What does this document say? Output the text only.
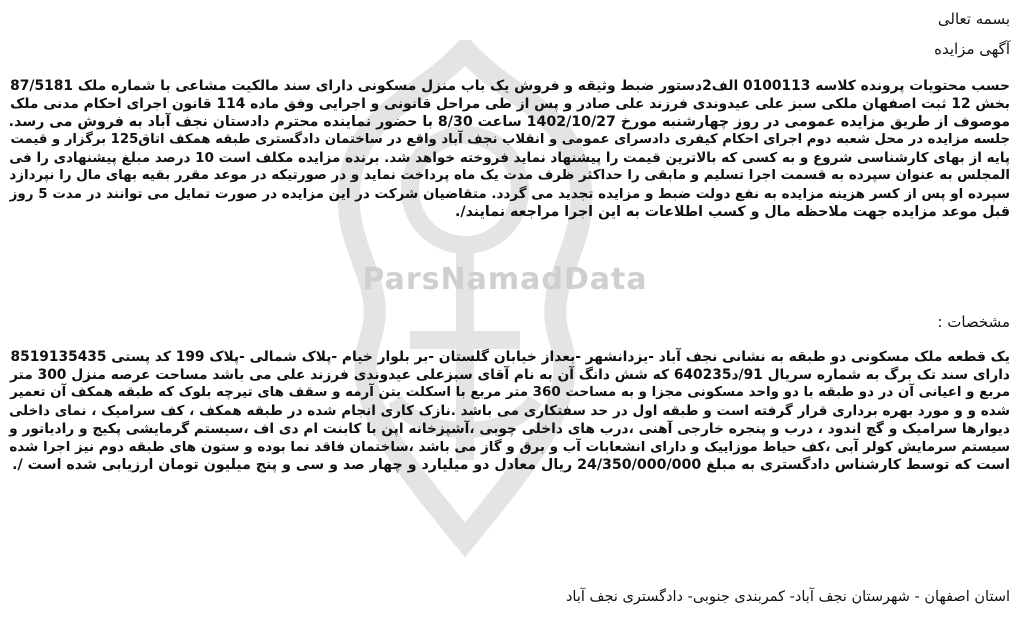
ParsNamadData
بسمه تعالی
آگهی مزایده
حسب محتویات پرونده کلاسه 0100113 الف2دستور ضبط وثیقه و فروش یک باب منزل مسکونی دارای سند مالکیت مشاعی با شماره ملک 87/5181
بخش 12 ثبت اصفهان ملکی سبز علی عیدوندی فرزند علی صادر و پس از طی مراحل قانونی و اجرایی وفق ماده 114 قانون اجرای احکام مدنی ملک
موصوف از طریق مزایده عمومی در روز چهارشنبه مورخ 1402/10/27 ساعت 8/30 با حضور نماینده محترم دادستان نجف آباد به فروش می رسد.
جلسه مزایده در محل شعبه دوم اجرای احکام کیفری دادسرای عمومی و انقلاب نجف آباد واقع در ساختمان دادگستری طبقه همکف اتاق125 برگزار و قیمت
پایه از بهای کارشناسی شروع و به کسی که بالاترین قیمت را پیشنهاد نماید فروخته خواهد شد. برنده مزایده مکلف است 10 درصد مبلغ پیشنهادی را فی
المجلس به عنوان سپرده به قسمت اجرا تسلیم و مابقی را حداکثر ظرف مدت یک ماه پرداخت نماید و در صورتیکه در موعد مقرر بقیه بهای مال را نپردازد
سپرده او پس از کسر هزینه مزایده به نفع دولت ضبط و مزایده تجدید می گردد. متقاضیان شرکت در این مزایده در صورت تمایل می توانند در مدت 5 روز
قبل موعد مزایده جهت ملاحظه مال و کسب اطلاعات به این اجرا مراجعه نمایند/.
مشخصات :
یک قطعه ملک مسکونی دو طبقه به نشانی نجف آباد -یزدانشهر -بعداز خیابان گلستان -بر بلوار خیام -پلاک شمالی -پلاک 199 کد پستی 8519135435
دارای سند تک برگ به شماره سریال 91/د640235 که شش دانگ آن به نام آقای سبزعلی عیدوندی فرزند علی می باشد مساحت عرصه منزل 300 متر
مربع و اعیانی آن در دو طبقه با دو واحد مسکونی مجزا و به مساحت 360 متر مربع با اسکلت بتن آرمه و سقف های تیرچه بلوک که طبقه همکف آن تعمیر
شده و و مورد بهره برداری قرار گرفته است و طبقه اول در حد سفتکاری می باشد .نازک کاری انجام شده در طبقه همکف ، کف سرامیک ، نمای داخلی
دیوارها سرامیک و گچ اندود ، درب و پنجره خارجی آهنی ،درب های داخلی چوبی ،آشپزخانه اپن با کابنت ام دی اف ،سیستم گرمایشی پکیج و رادیاتور و
سیستم سرمایش کولر آبی ،کف حیاط موزاییک و دارای انشعابات آب و برق و گاز می باشد ،ساختمان فاقد نما بوده و ستون های طبقه دوم نیز اجرا شده
است که توسط کارشناس دادگستری به مبلغ 24/350/000/000 ریال معادل دو میلیارد و چهار صد و سی و پنج میلیون تومان ارزیابی شده است /.
استان اصفهان - شهرستان نجف آباد- کمربندی جنوبی- دادگستری نجف آباد
